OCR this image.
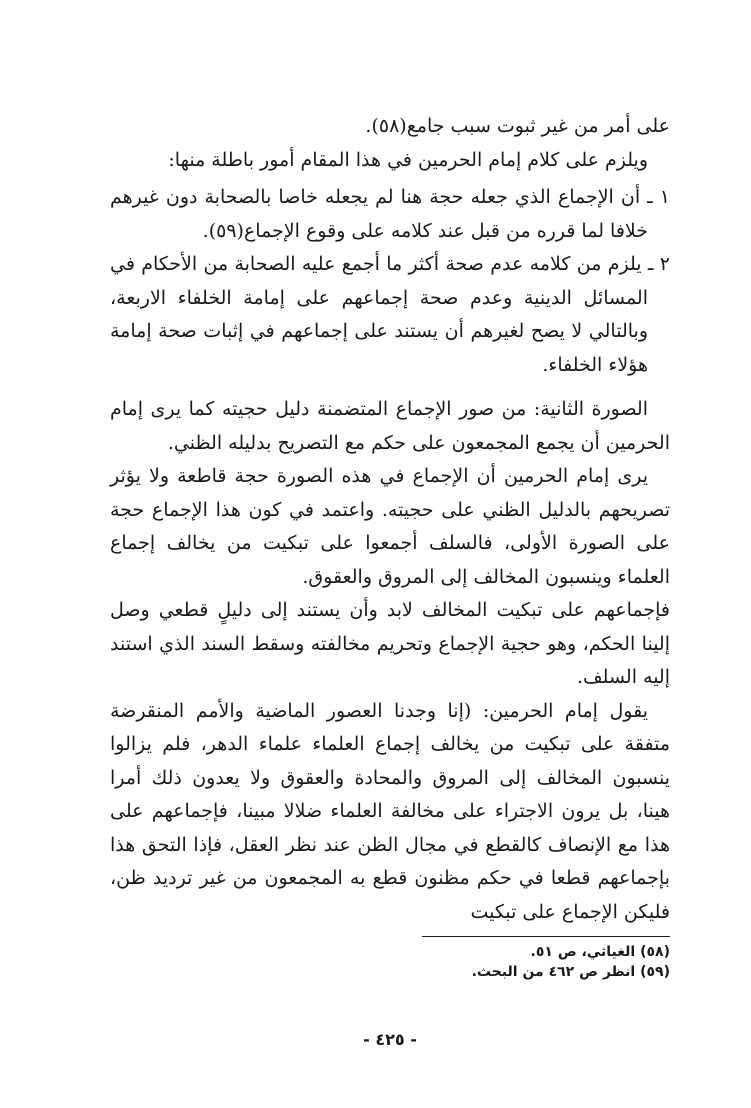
على أمر من غير ثبوت سبب جامع(٥٨).

ويلزم على كلام إمام الحرمين في هذا المقام أمور باطلة منها:

١ ـ أن الإجماع الذي جعله حجة هنا لم يجعله خاصا بالصحابة دون غيرهم خلافا لما قرره من قبل عند كلامه على وقوع الإجماع(٥٩).

٢ ـ يلزم من كلامه عدم صحة أكثر ما أجمع عليه الصحابة من الأحكام في المسائل الدينية وعدم صحة إجماعهم على إمامة الخلفاء الاربعة، وبالتالي لا يصح لغيرهم أن يستند على إجماعهم في إثبات صحة إمامة هؤلاء الخلفاء.

الصورة الثانية: من صور الإجماع المتضمنة دليل حجيته كما يرى إمام الحرمين أن يجمع المجمعون على حكم مع التصريح بدليله الظني.

يرى إمام الحرمين أن الإجماع في هذه الصورة حجة قاطعة ولا يؤثر تصريحهم بالدليل الظني على حجيته. واعتمد في كون هذا الإجماع حجة على الصورة الأولى، فالسلف أجمعوا على تبكيت من يخالف إجماع العلماء وينسبون المخالف إلى المروق والعقوق.

فإجماعهم على تبكيت المخالف لابد وأن يستند إلى دليلٍ قطعي وصل إلينا الحكم، وهو حجية الإجماع وتحريم مخالفته وسقط السند الذي استند إليه السلف.

يقول إمام الحرمين: (إنا وجدنا العصور الماضية والأمم المنقرضة متفقة على تبكيت من يخالف إجماع العلماء علماء الدهر، فلم يزالوا ينسبون المخالف إلى المروق والمحادة والعقوق ولا يعدون ذلك أمرا هينا، بل يرون الاجتراء على مخالفة العلماء ضلالا مبينا، فإجماعهم على هذا مع الإنصاف كالقطع في مجال الظن عند نظر العقل، فإذا التحق هذا بإجماعهم قطعا في حكم مظنون قطع به المجمعون من غير ترديد ظن، فليكن الإجماع على تبكيت

(٥٨) الغياثي، ص ٥١.

(٥٩) انظر ص ٤٦٢ من البحث.

- ٤٢٥ -
